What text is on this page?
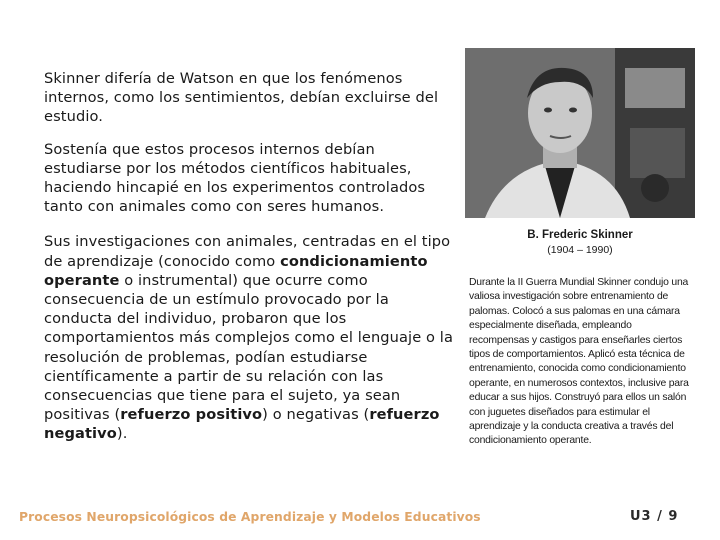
Skinner difería de Watson en que los fenómenos internos, como los sentimientos, debían excluirse del estudio.

Sostenía que estos procesos internos debían estudiarse por los métodos científicos habituales, haciendo hincapié en los experimentos controlados tanto con animales como con seres humanos.

Sus investigaciones con animales, centradas en el tipo de aprendizaje (conocido como condicionamiento operante o instrumental) que ocurre como consecuencia de un estímulo provocado por la conducta del individuo, probaron que los comportamientos más complejos como el lenguaje o la resolución de problemas, podían estudiarse científicamente a partir de su relación con las consecuencias que tiene para el sujeto, ya sean positivas (refuerzo positivo) o negativas (refuerzo negativo).

B. Frederic Skinner
(1904 – 1990)

Durante la II Guerra Mundial Skinner condujo una valiosa investigación sobre entrenamiento de palomas. Colocó a sus palomas en una cámara especialmente diseñada, empleando recompensas y castigos para enseñarles ciertos tipos de comportamientos. Aplicó esta técnica de entrenamiento, conocida como condicionamiento operante, en numerosos contextos, inclusive para educar a sus hijos. Construyó para ellos un salón con juguetes diseñados para estimular el aprendizaje y la conducta creativa a través del condicionamiento operante.

Procesos Neuropsicológicos de Aprendizaje y Modelos Educativos	U3 / 9
